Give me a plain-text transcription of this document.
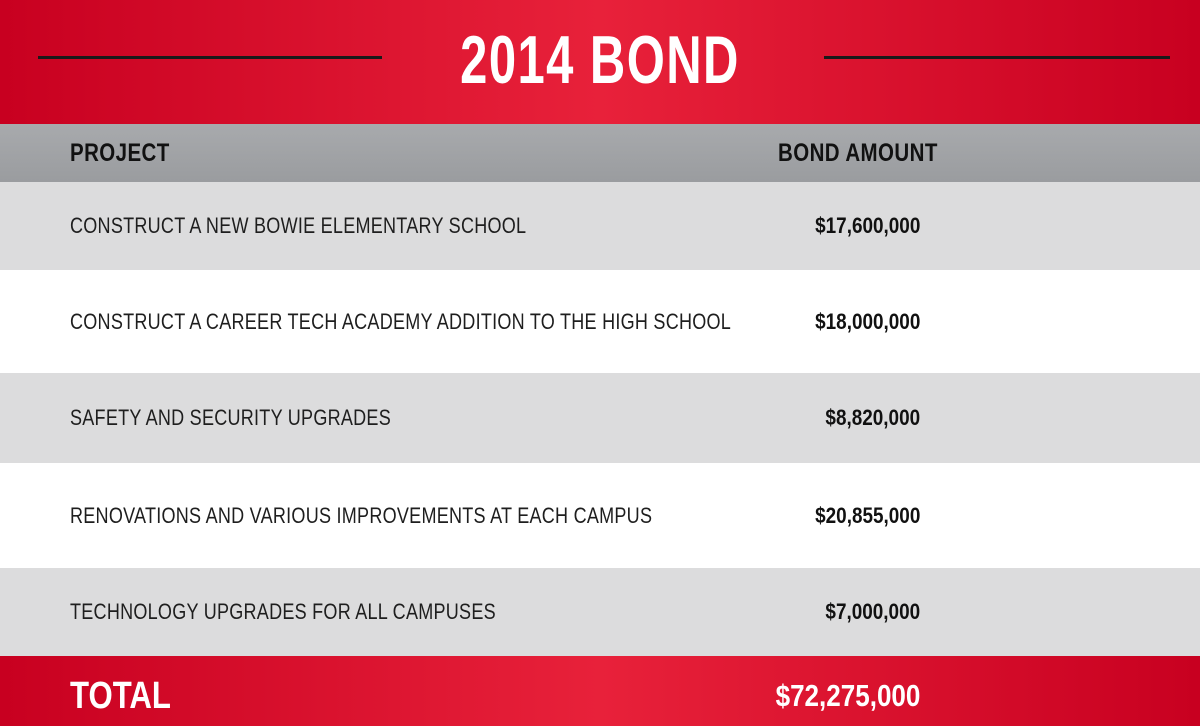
2014 BOND
PROJECT	BOND AMOUNT
CONSTRUCT A NEW BOWIE ELEMENTARY SCHOOL	$17,600,000
CONSTRUCT A CAREER TECH ACADEMY ADDITION TO THE HIGH SCHOOL	$18,000,000
SAFETY AND SECURITY UPGRADES	$8,820,000
RENOVATIONS AND VARIOUS IMPROVEMENTS AT EACH CAMPUS	$20,855,000
TECHNOLOGY UPGRADES FOR ALL CAMPUSES	$7,000,000
TOTAL	$72,275,000
